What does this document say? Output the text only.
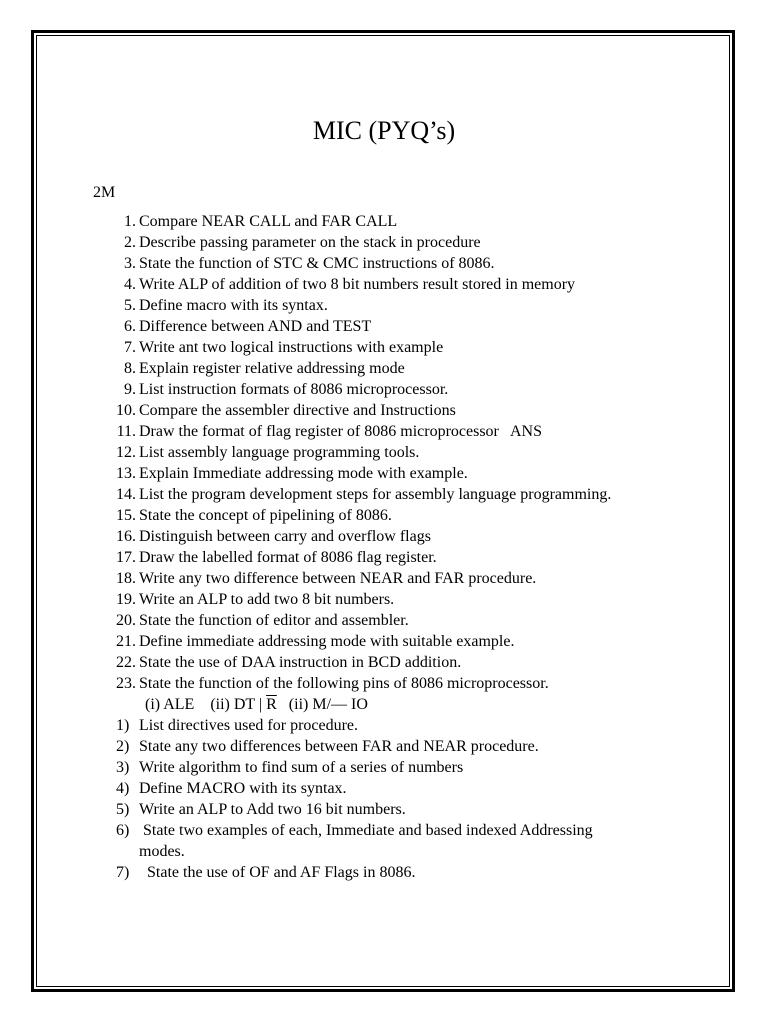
MIC (PYQ’s)
2M
1. Compare NEAR CALL and FAR CALL
2. Describe passing parameter on the stack in procedure
3. State the function of STC & CMC instructions of 8086.
4. Write ALP of addition of two 8 bit numbers result stored in memory
5. Define macro with its syntax.
6. Difference between AND and TEST
7. Write ant two logical instructions with example
8. Explain register relative addressing mode
9. List instruction formats of 8086 microprocessor.
10. Compare the assembler directive and Instructions
11. Draw the format of flag register of 8086 microprocessor   ANS
12. List assembly language programming tools.
13. Explain Immediate addressing mode with example.
14. List the program development steps for assembly language programming.
15. State the concept of pipelining of 8086.
16. Distinguish between carry and overflow flags
17. Draw the labelled format of 8086 flag register.
18. Write any two difference between NEAR and FAR procedure.
19. Write an ALP to add two 8 bit numbers.
20. State the function of editor and assembler.
21. Define immediate addressing mode with suitable example.
22. State the use of DAA instruction in BCD addition.
23. State the function of the following pins of 8086 microprocessor.
(i) ALE (ii) DT | $\overline{R}$ (ii) M/— IO
1) List directives used for procedure.
2) State any two differences between FAR and NEAR procedure.
3) Write algorithm to find sum of a series of numbers
4) Define MACRO with its syntax.
5) Write an ALP to Add two 16 bit numbers.
6) State two examples of each, Immediate and based indexed Addressing
modes.
7) State the use of OF and AF Flags in 8086.
